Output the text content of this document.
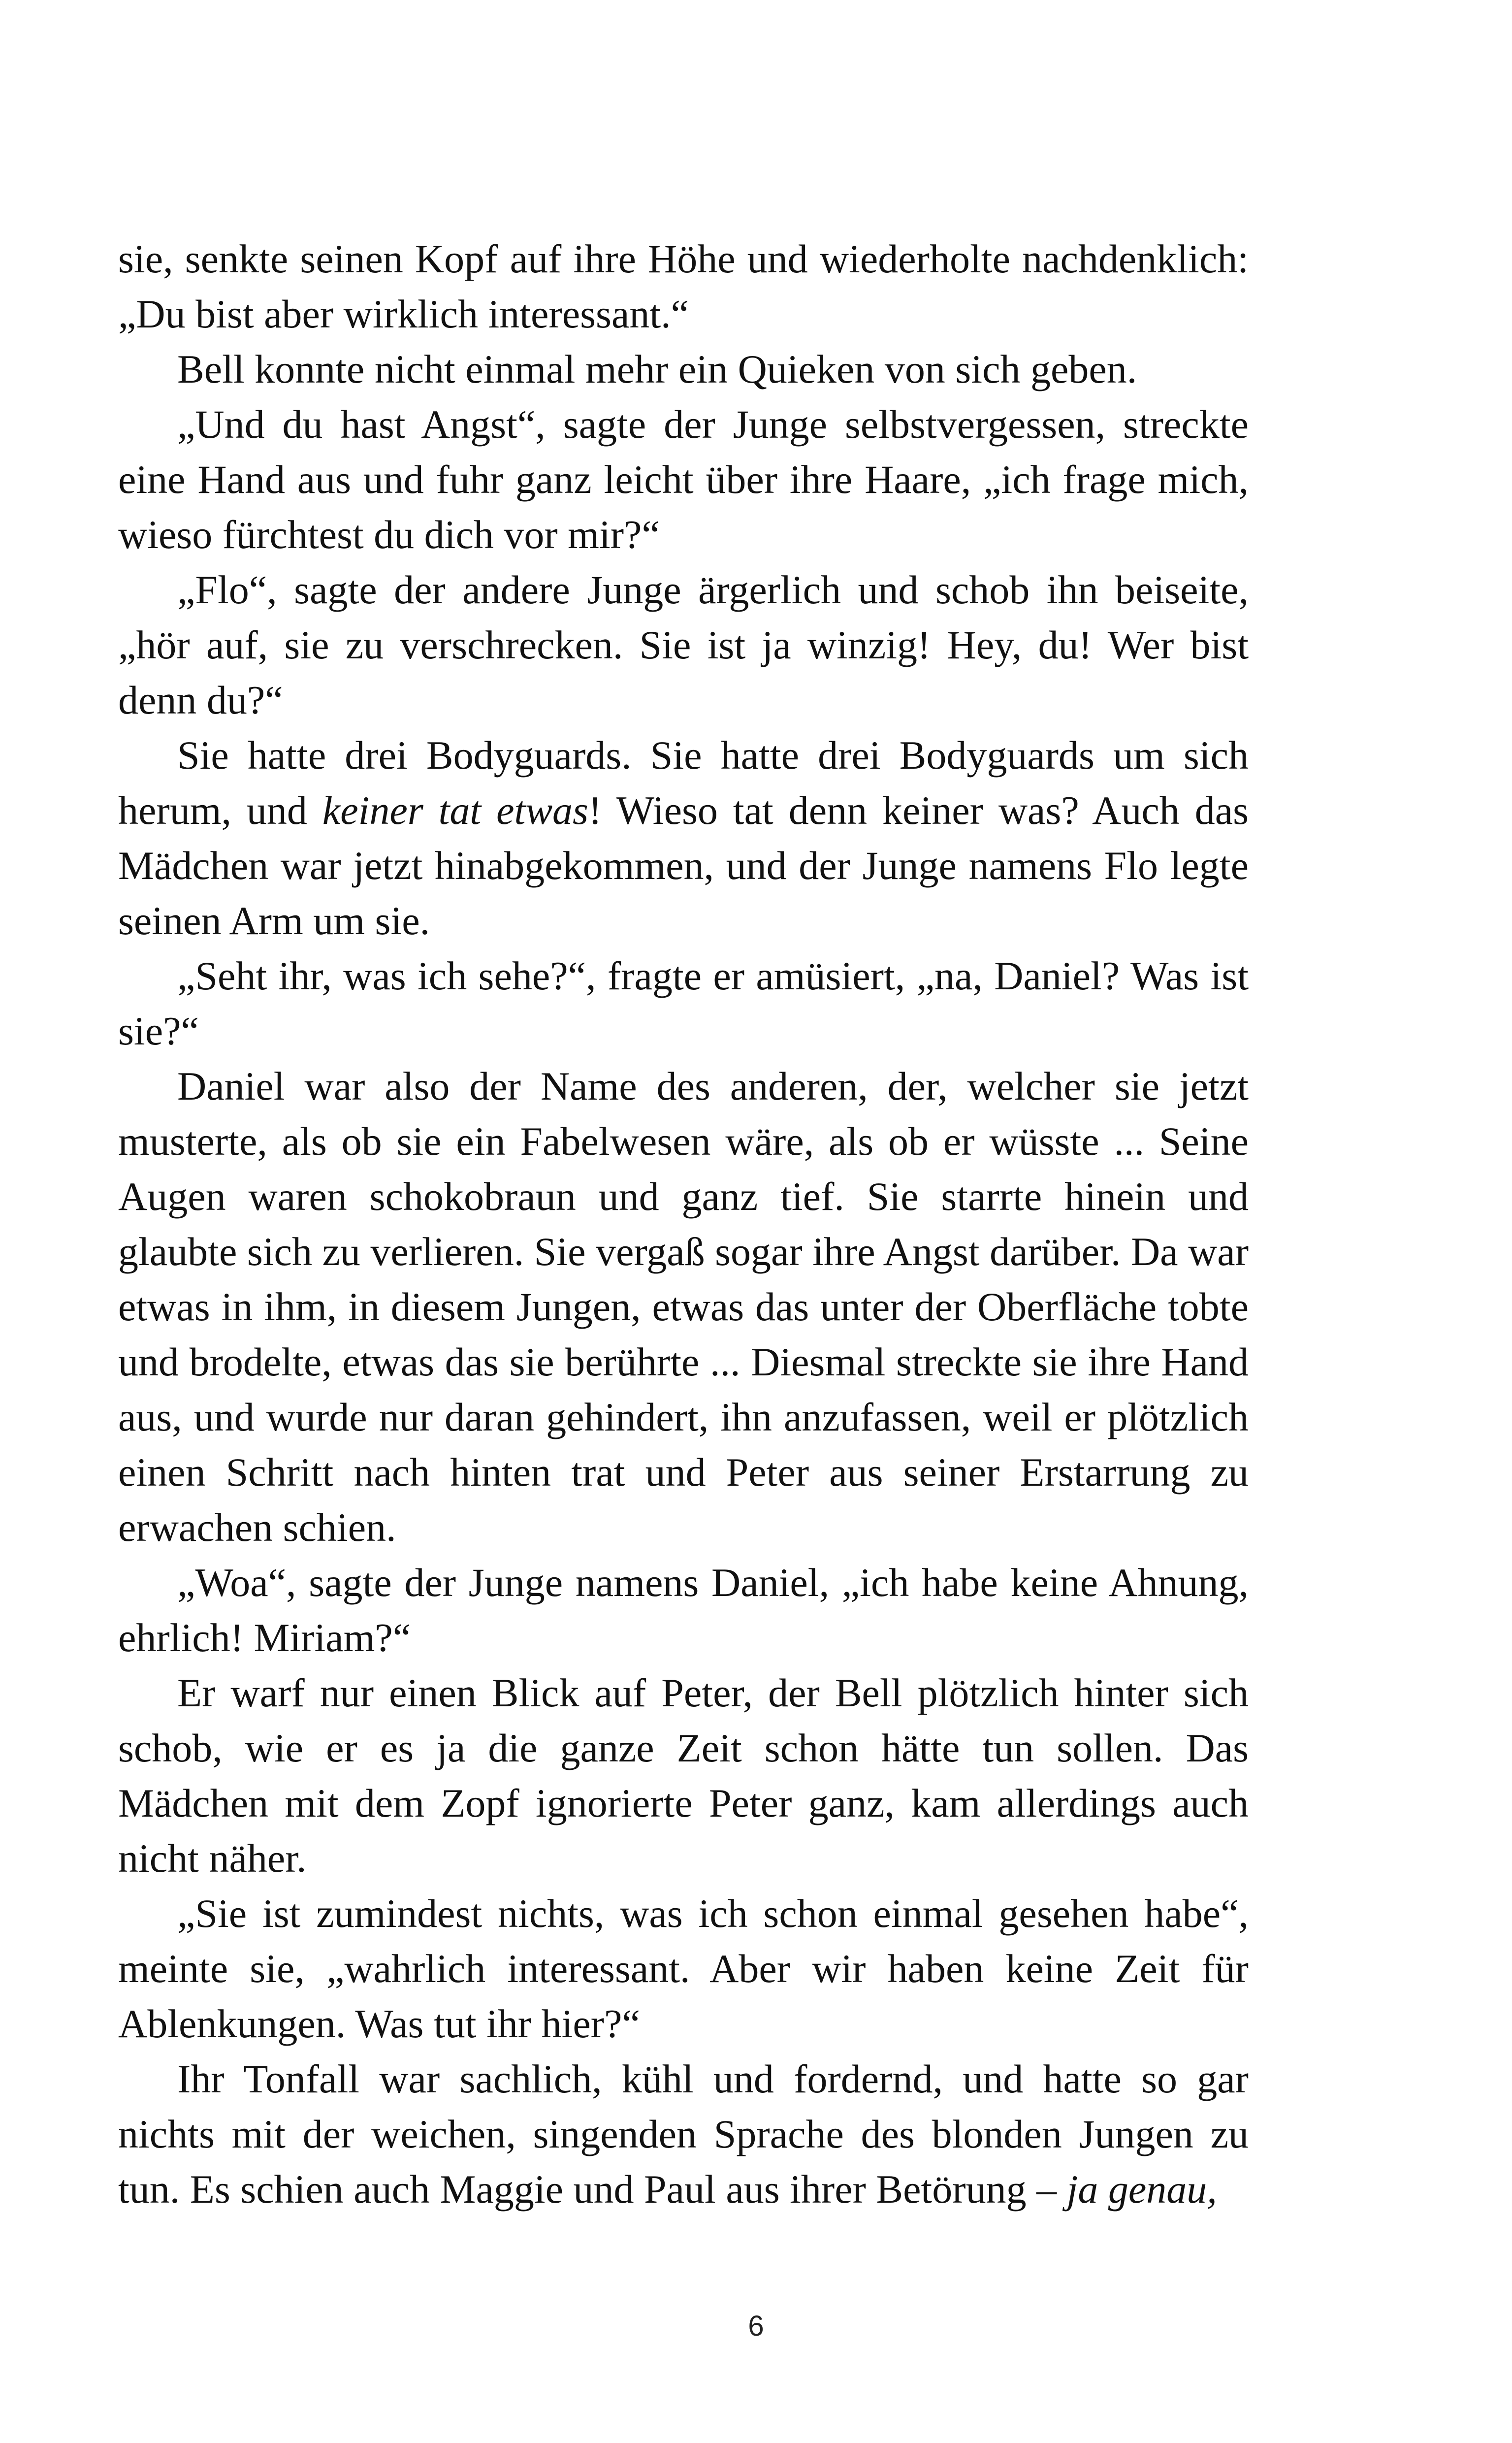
sie, senkte seinen Kopf auf ihre Höhe und wiederholte nachdenklich: „Du bist aber wirklich interessant.“

Bell konnte nicht einmal mehr ein Quieken von sich geben.

„Und du hast Angst“, sagte der Junge selbstvergessen, streckte eine Hand aus und fuhr ganz leicht über ihre Haare, „ich frage mich, wieso fürchtest du dich vor mir?“

„Flo“, sagte der andere Junge ärgerlich und schob ihn beiseite, „hör auf, sie zu verschrecken. Sie ist ja winzig! Hey, du! Wer bist denn du?“

Sie hatte drei Bodyguards. Sie hatte drei Bodyguards um sich herum, und keiner tat etwas! Wieso tat denn keiner was? Auch das Mädchen war jetzt hinabgekommen, und der Junge namens Flo legte seinen Arm um sie.

„Seht ihr, was ich sehe?“, fragte er amüsiert, „na, Daniel? Was ist sie?“

Daniel war also der Name des anderen, der, welcher sie jetzt musterte, als ob sie ein Fabelwesen wäre, als ob er wüsste ... Seine Augen waren schokobraun und ganz tief. Sie starrte hinein und glaubte sich zu verlieren. Sie vergaß sogar ihre Angst darüber. Da war etwas in ihm, in diesem Jungen, etwas das unter der Oberfläche tobte und brodelte, etwas das sie berührte ... Diesmal streckte sie ihre Hand aus, und wurde nur daran gehindert, ihn anzufassen, weil er plötzlich einen Schritt nach hinten trat und Peter aus seiner Erstarrung zu erwachen schien.

„Woa“, sagte der Junge namens Daniel, „ich habe keine Ahnung, ehrlich! Miriam?“

Er warf nur einen Blick auf Peter, der Bell plötzlich hinter sich schob, wie er es ja die ganze Zeit schon hätte tun sollen. Das Mädchen mit dem Zopf ignorierte Peter ganz, kam allerdings auch nicht näher.

„Sie ist zumindest nichts, was ich schon einmal gesehen habe“, meinte sie, „wahrlich interessant. Aber wir haben keine Zeit für Ablenkungen. Was tut ihr hier?“

Ihr Tonfall war sachlich, kühl und fordernd, und hatte so gar nichts mit der weichen, singenden Sprache des blonden Jungen zu tun. Es schien auch Maggie und Paul aus ihrer Betörung – ja genau,

6
